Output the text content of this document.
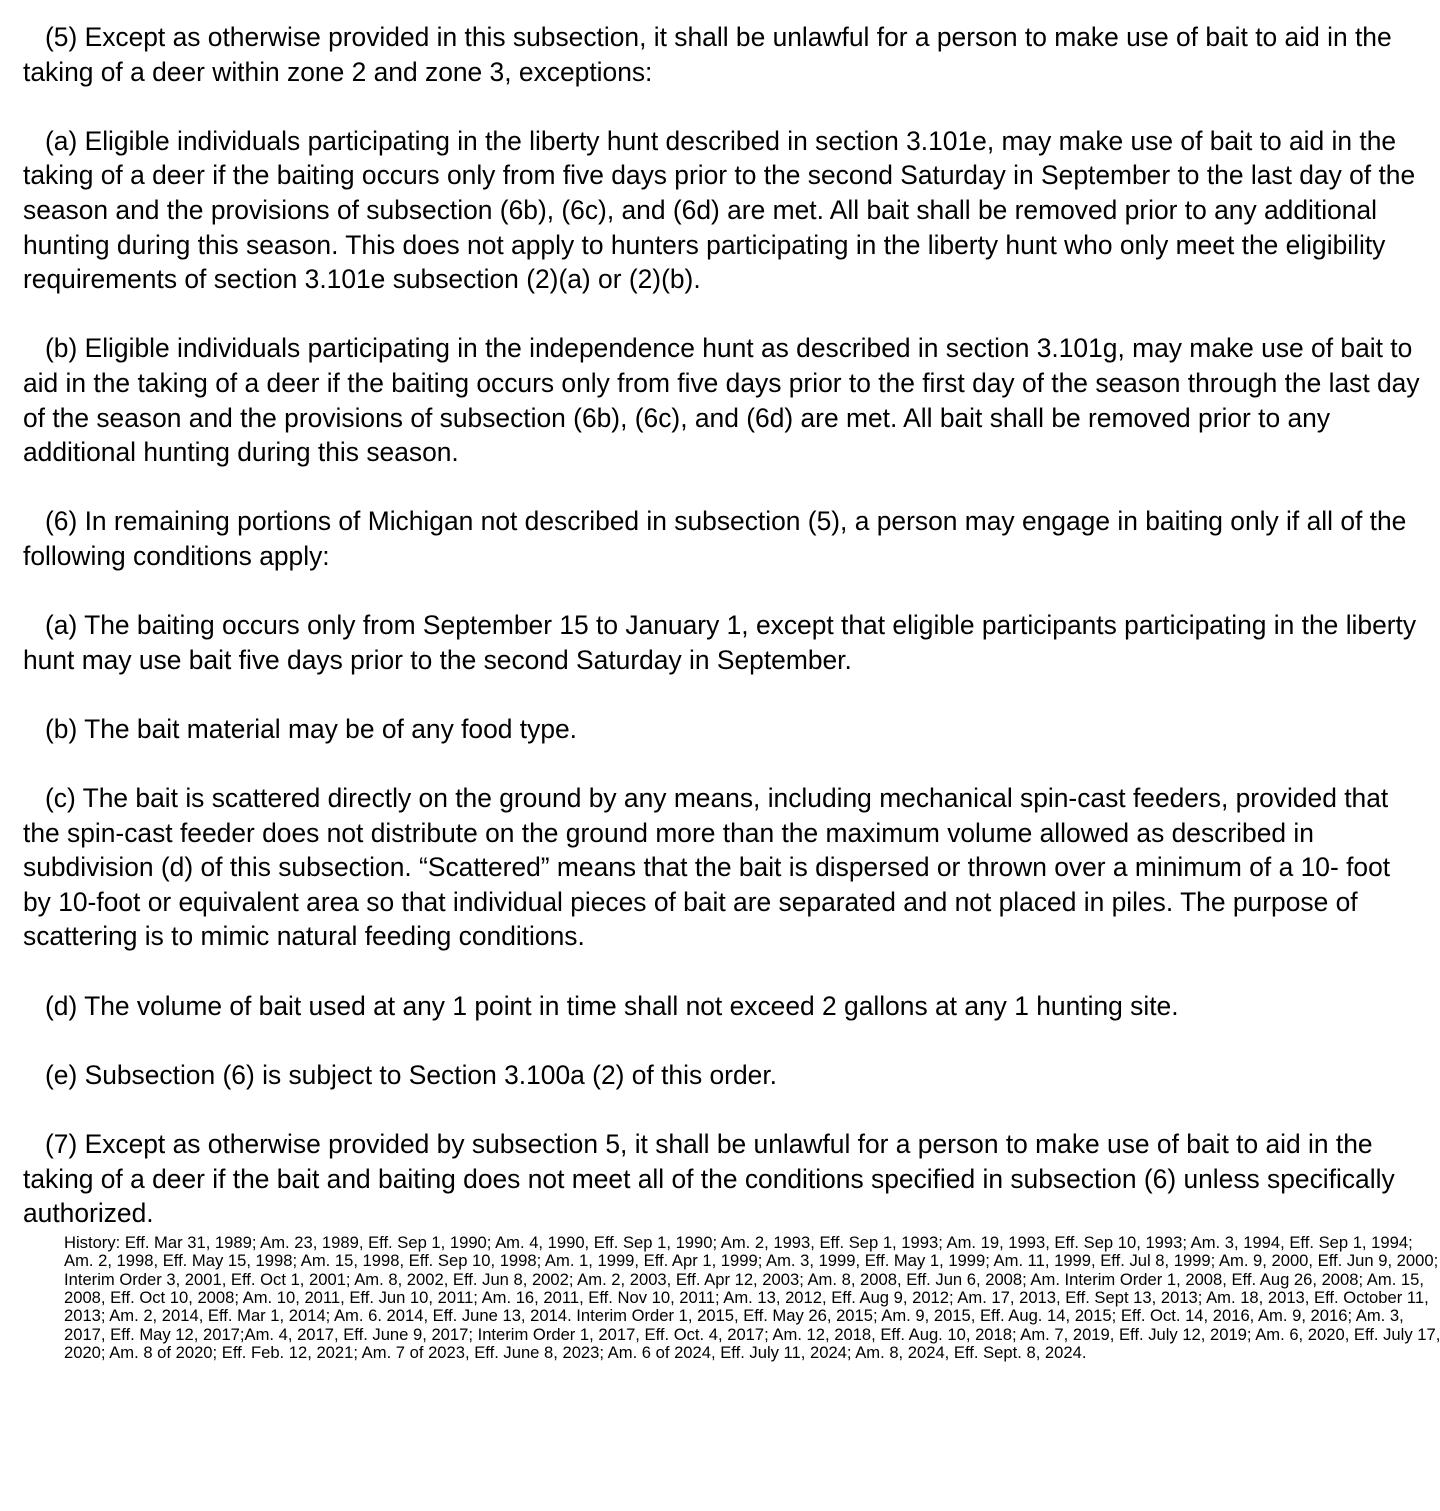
(5) Except as otherwise provided in this subsection, it shall be unlawful for a person to make use of bait to aid in the taking of a deer within zone 2 and zone 3, exceptions:

(a) Eligible individuals participating in the liberty hunt described in section 3.101e, may make use of bait to aid in the taking of a deer if the baiting occurs only from five days prior to the second Saturday in September to the last day of the season and the provisions of subsection (6b), (6c), and (6d) are met. All bait shall be removed prior to any additional hunting during this season. This does not apply to hunters participating in the liberty hunt who only meet the eligibility requirements of section 3.101e subsection (2)(a) or (2)(b).

(b) Eligible individuals participating in the independence hunt as described in section 3.101g, may make use of bait to aid in the taking of a deer if the baiting occurs only from five days prior to the first day of the season through the last day of the season and the provisions of subsection (6b), (6c), and (6d) are met. All bait shall be removed prior to any additional hunting during this season.

(6) In remaining portions of Michigan not described in subsection (5), a person may engage in baiting only if all of the following conditions apply:

(a) The baiting occurs only from September 15 to January 1, except that eligible participants participating in the liberty hunt may use bait five days prior to the second Saturday in September.

(b) The bait material may be of any food type.

(c) The bait is scattered directly on the ground by any means, including mechanical spin-cast feeders, provided that the spin-cast feeder does not distribute on the ground more than the maximum volume allowed as described in subdivision (d) of this subsection. “Scattered” means that the bait is dispersed or thrown over a minimum of a 10- foot by 10-foot or equivalent area so that individual pieces of bait are separated and not placed in piles. The purpose of scattering is to mimic natural feeding conditions.

(d) The volume of bait used at any 1 point in time shall not exceed 2 gallons at any 1 hunting site.

(e) Subsection (6) is subject to Section 3.100a (2) of this order.

(7) Except as otherwise provided by subsection 5, it shall be unlawful for a person to make use of bait to aid in the taking of a deer if the bait and baiting does not meet all of the conditions specified in subsection (6) unless specifically authorized.

History: Eff. Mar 31, 1989; Am. 23, 1989, Eff. Sep 1, 1990; Am. 4, 1990, Eff. Sep 1, 1990; Am. 2, 1993, Eff. Sep 1, 1993; Am. 19, 1993, Eff. Sep 10, 1993; Am. 3, 1994, Eff. Sep 1, 1994; Am. 2, 1998, Eff. May 15, 1998; Am. 15, 1998, Eff. Sep 10, 1998; Am. 1, 1999, Eff. Apr 1, 1999; Am. 3, 1999, Eff. May 1, 1999; Am. 11, 1999, Eff. Jul 8, 1999; Am. 9, 2000, Eff. Jun 9, 2000; Interim Order 3, 2001, Eff. Oct 1, 2001; Am. 8, 2002, Eff. Jun 8, 2002; Am. 2, 2003, Eff. Apr 12, 2003; Am. 8, 2008, Eff. Jun 6, 2008; Am. Interim Order 1, 2008, Eff. Aug 26, 2008; Am. 15, 2008, Eff. Oct 10, 2008; Am. 10, 2011, Eff. Jun 10, 2011; Am. 16, 2011, Eff. Nov 10, 2011; Am. 13, 2012, Eff. Aug 9, 2012; Am. 17, 2013, Eff. Sept 13, 2013; Am. 18, 2013, Eff. October 11, 2013; Am. 2, 2014, Eff. Mar 1, 2014; Am. 6. 2014, Eff. June 13, 2014. Interim Order 1, 2015, Eff. May 26, 2015; Am. 9, 2015, Eff. Aug. 14, 2015; Eff. Oct. 14, 2016, Am. 9, 2016; Am. 3, 2017, Eff. May 12, 2017;Am. 4, 2017, Eff. June 9, 2017; Interim Order 1, 2017, Eff. Oct. 4, 2017; Am. 12, 2018, Eff. Aug. 10, 2018; Am. 7, 2019, Eff. July 12, 2019; Am. 6, 2020, Eff. July 17, 2020; Am. 8 of 2020; Eff. Feb. 12, 2021; Am. 7 of 2023, Eff. June 8, 2023; Am. 6 of 2024, Eff. July 11, 2024; Am. 8, 2024, Eff. Sept. 8, 2024.
